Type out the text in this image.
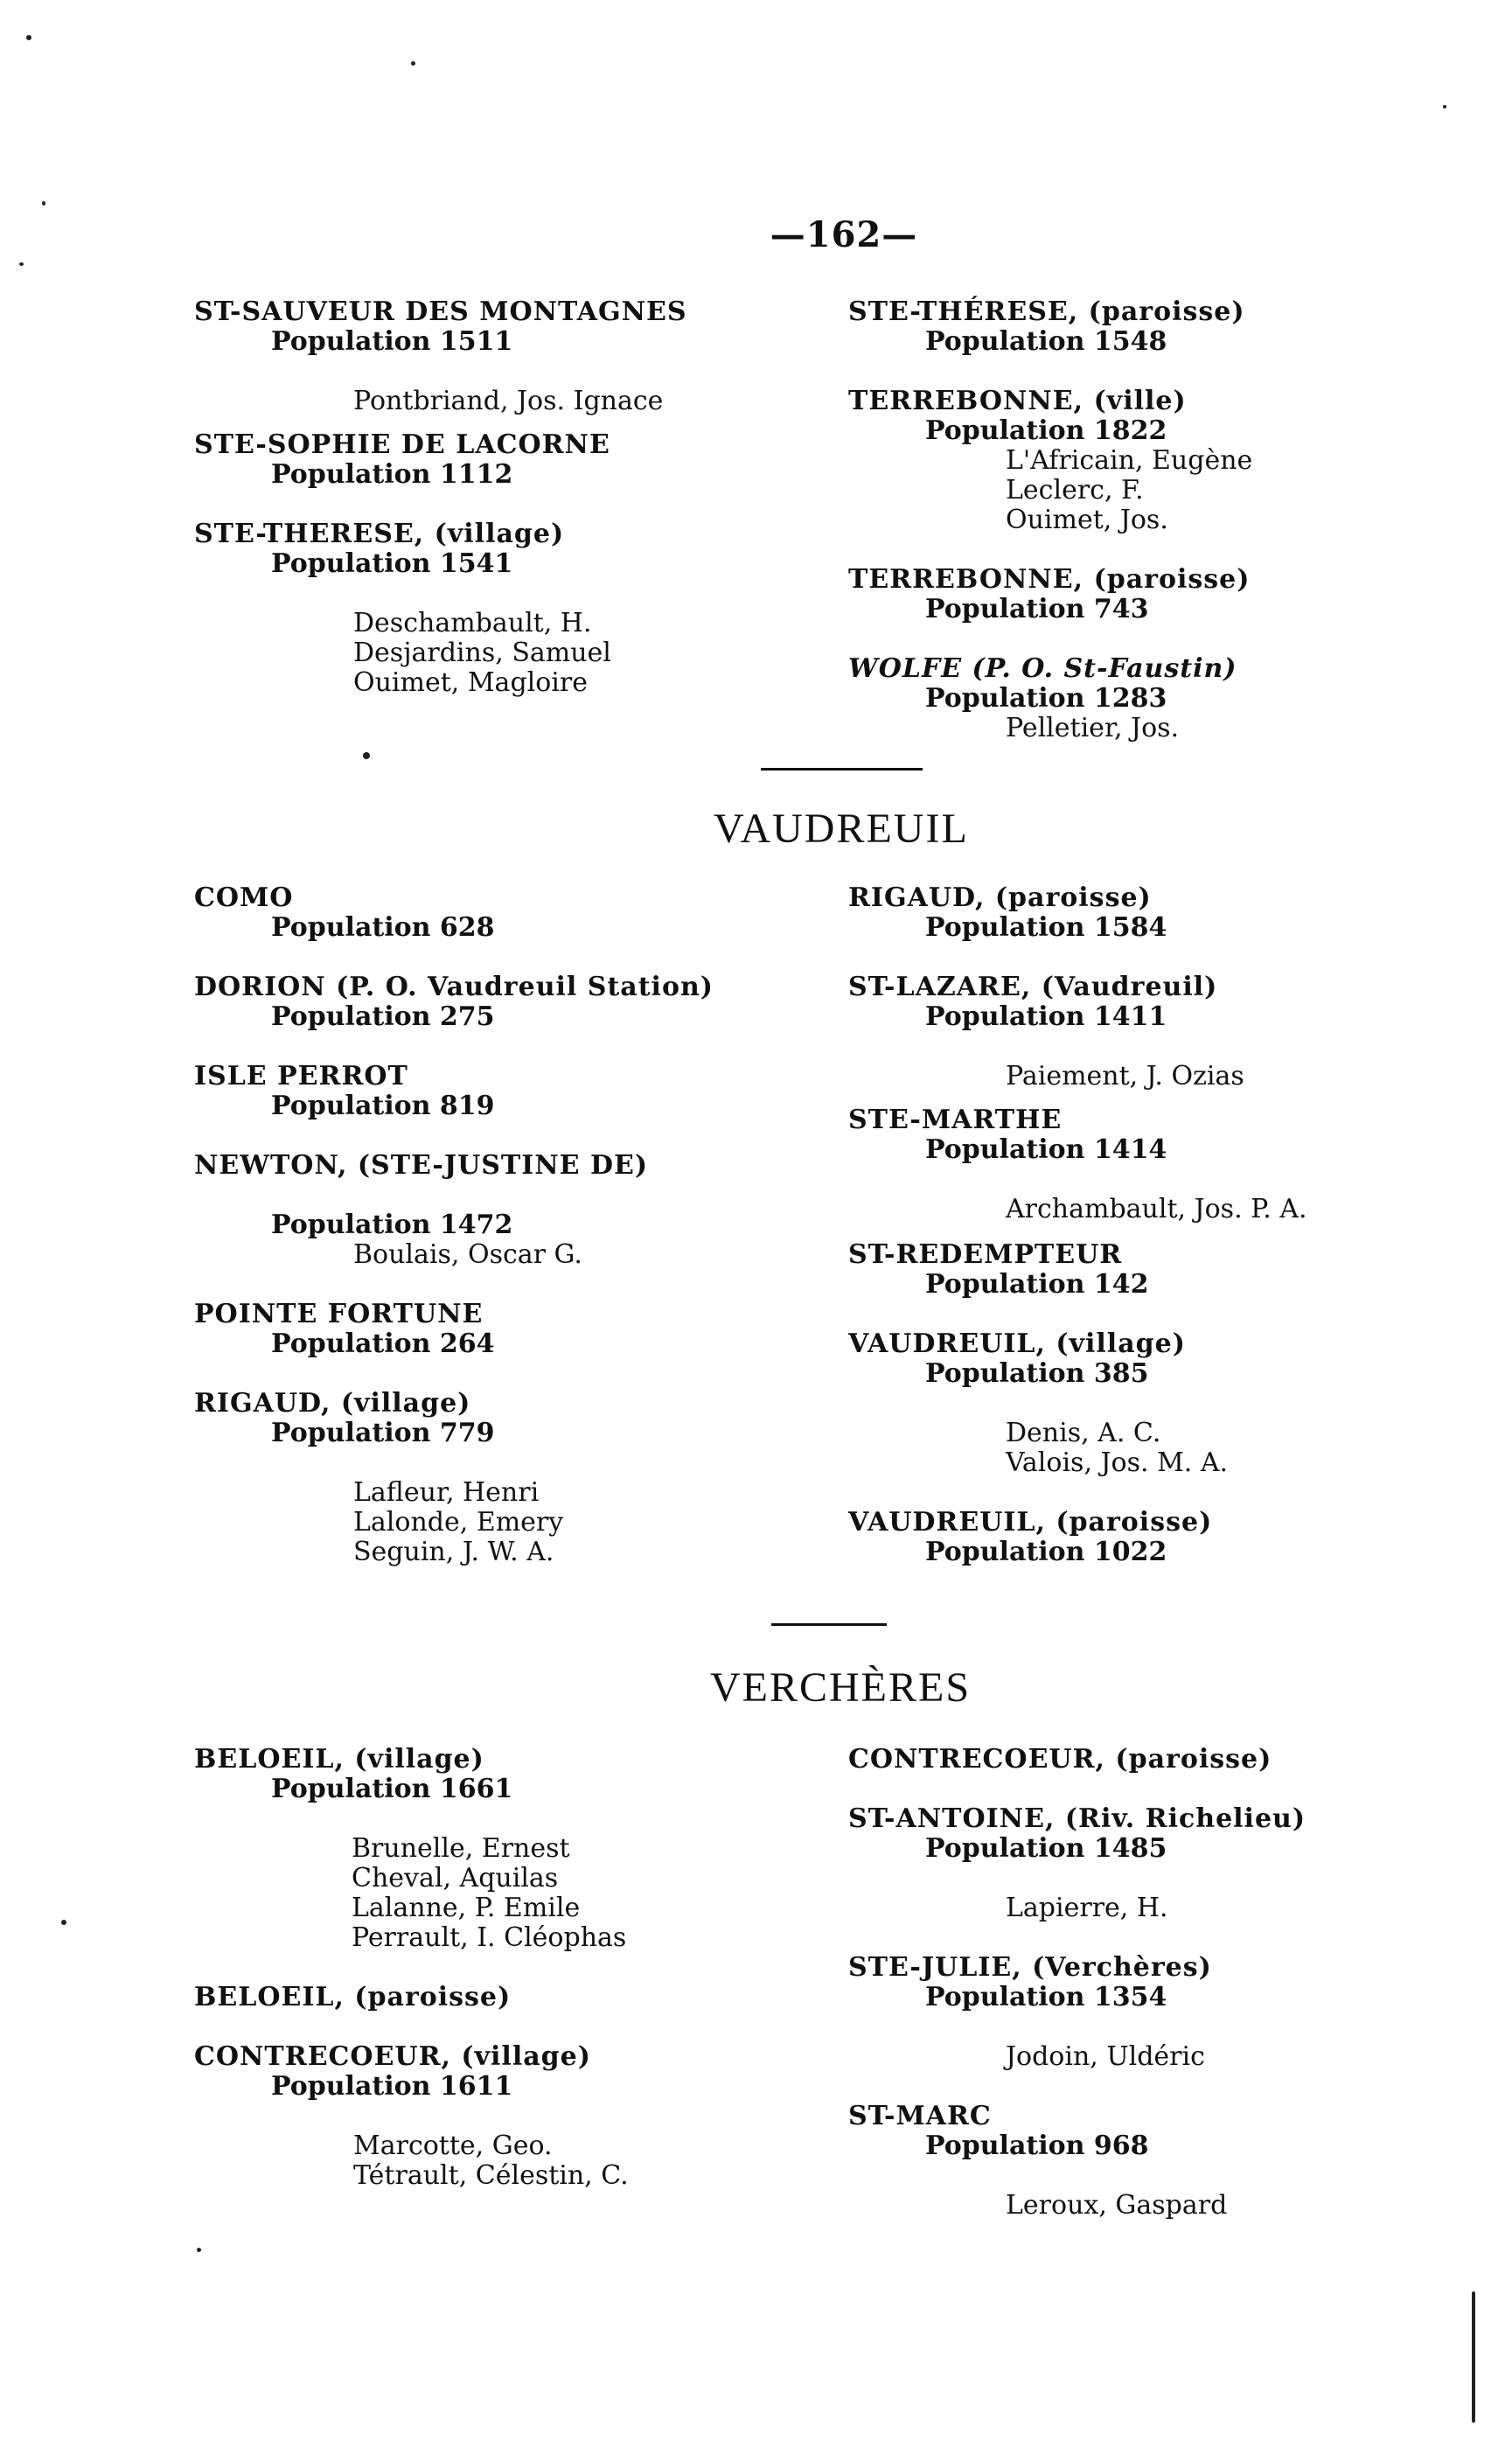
—162—
ST-SAUVEUR DES MONTAGNES
Population 1511
Pontbriand, Jos. Ignace
STE-SOPHIE DE LACORNE
Population 1112
STE-THERESE, (village)
Population 1541
Deschambault, H.
Desjardins, Samuel
Ouimet, Magloire
STE-THÉRESE, (paroisse)
Population 1548
TERREBONNE, (ville)
Population 1822
L'Africain, Eugène
Leclerc, F.
Ouimet, Jos.
TERREBONNE, (paroisse)
Population 743
WOLFE (P. O. St-Faustin)
Population 1283
Pelletier, Jos.
VAUDREUIL
COMO
Population 628
DORION (P. O. Vaudreuil Station)
Population 275
ISLE PERROT
Population 819
NEWTON, (STE-JUSTINE DE)
Population 1472
Boulais, Oscar G.
POINTE FORTUNE
Population 264
RIGAUD, (village)
Population 779
Lafleur, Henri
Lalonde, Emery
Seguin, J. W. A.
RIGAUD, (paroisse)
Population 1584
ST-LAZARE, (Vaudreuil)
Population 1411
Paiement, J. Ozias
STE-MARTHE
Population 1414
Archambault, Jos. P. A.
ST-REDEMPTEUR
Population 142
VAUDREUIL, (village)
Population 385
Denis, A. C.
Valois, Jos. M. A.
VAUDREUIL, (paroisse)
Population 1022
VERCHÈRES
BELOEIL, (village)
Population 1661
Brunelle, Ernest
Cheval, Aquilas
Lalanne, P. Emile
Perrault, I. Cléophas
BELOEIL, (paroisse)
CONTRECOEUR, (village)
Population 1611
Marcotte, Geo.
Tétrault, Célestin, C.
CONTRECOEUR, (paroisse)
ST-ANTOINE, (Riv. Richelieu)
Population 1485
Lapierre, H.
STE-JULIE, (Verchères)
Population 1354
Jodoin, Uldéric
ST-MARC
Population 968
Leroux, Gaspard
